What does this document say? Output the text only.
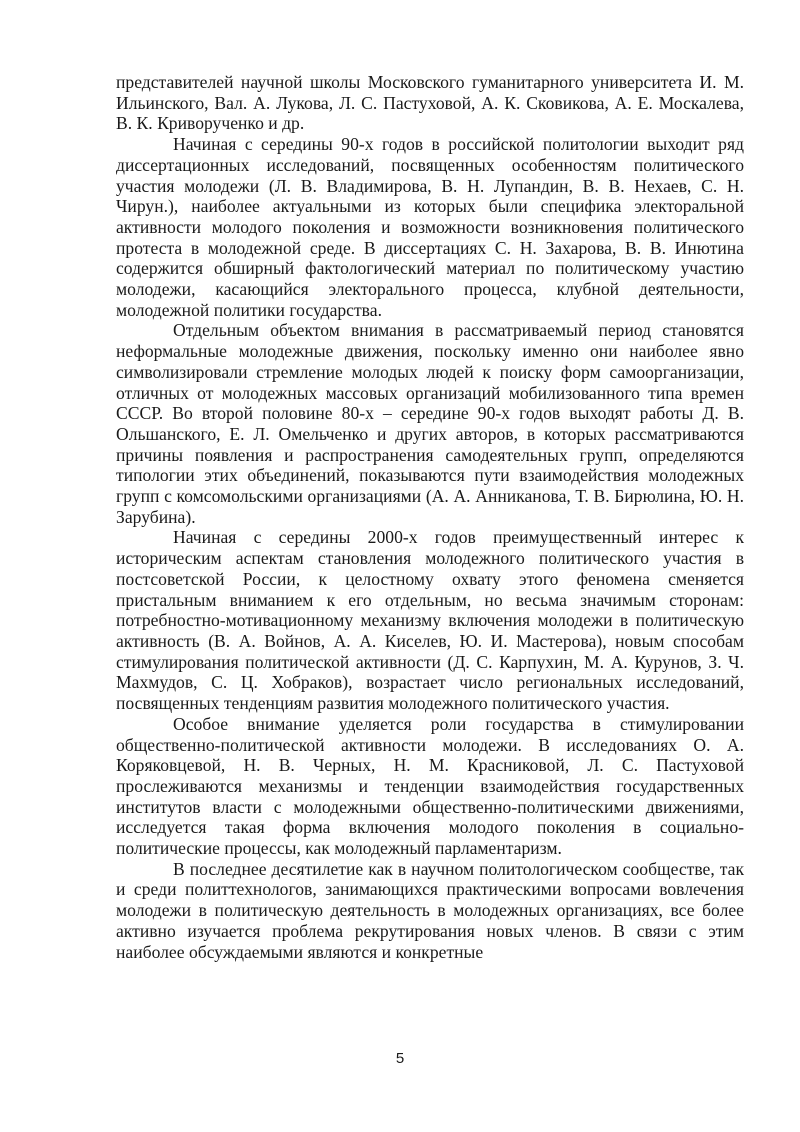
представителей научной школы Московского гуманитарного университета И. М. Ильинского, Вал. А. Лукова, Л. С. Пастуховой, А. К. Сковикова, А. Е. Москалева, В. К. Криворученко и др.

Начиная с середины 90-х годов в российской политологии выходит ряд диссертационных исследований, посвященных особенностям политического участия молодежи (Л. В. Владимирова, В. Н. Лупандин, В. В. Нехаев, С. Н. Чирун.), наиболее актуальными из которых были специфика электоральной активности молодого поколения и возможности возникновения политического протеста в молодежной среде. В диссертациях С. Н. Захарова, В. В. Инютина содержится обширный фактологический материал по политическому участию молодежи, касающийся электорального процесса, клубной деятельности, молодежной политики государства.

Отдельным объектом внимания в рассматриваемый период становятся неформальные молодежные движения, поскольку именно они наиболее явно символизировали стремление молодых людей к поиску форм самоорганизации, отличных от молодежных массовых организаций мобилизованного типа времен СССР. Во второй половине 80-х – середине 90-х годов выходят работы Д. В. Ольшанского, Е. Л. Омельченко и других авторов, в которых рассматриваются причины появления и распространения самодеятельных групп, определяются типологии этих объединений, показываются пути взаимодействия молодежных групп с комсомольскими организациями (А. А. Анниканова, Т. В. Бирюлина, Ю. Н. Зарубина).

Начиная с середины 2000-х годов преимущественный интерес к историческим аспектам становления молодежного политического участия в постсоветской России, к целостному охвату этого феномена сменяется пристальным вниманием к его отдельным, но весьма значимым сторонам: потребностно-мотивационному механизму включения молодежи в политическую активность (В. А. Войнов, А. А. Киселев, Ю. И. Мастерова), новым способам стимулирования политической активности (Д. С. Карпухин, М. А. Курунов, З. Ч. Махмудов, С. Ц. Хобраков), возрастает число региональных исследований, посвященных тенденциям развития молодежного политического участия.

Особое внимание уделяется роли государства в стимулировании общественно-политической активности молодежи. В исследованиях О. А. Коряковцевой, Н. В. Черных, Н. М. Красниковой, Л. С. Пастуховой прослеживаются механизмы и тенденции взаимодействия государственных институтов власти с молодежными общественно-политическими движениями, исследуется такая форма включения молодого поколения в социально-политические процессы, как молодежный парламентаризм.

В последнее десятилетие как в научном политологическом сообществе, так и среди политтехнологов, занимающихся практическими вопросами вовлечения молодежи в политическую деятельность в молодежных организациях, все более активно изучается проблема рекрутирования новых членов. В связи с этим наиболее обсуждаемыми являются и конкретные

5
